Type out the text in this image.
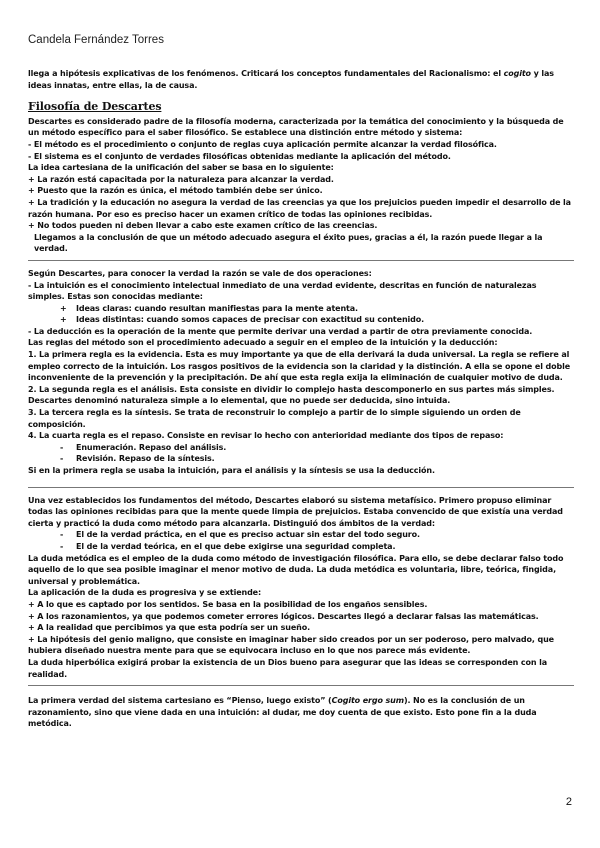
Candela Fernández Torres

llega a hipótesis explicativas de los fenómenos. Criticará los conceptos fundamentales del Racionalismo: el cogito y las ideas innatas, entre ellas, la de causa.

Filosofía de Descartes

Descartes es considerado padre de la filosofía moderna, caracterizada por la temática del conocimiento y la búsqueda de un método específico para el saber filosófico. Se establece una distinción entre método y sistema:

- El método es el procedimiento o conjunto de reglas cuya aplicación permite alcanzar la verdad filosófica.

- El sistema es el conjunto de verdades filosóficas obtenidas mediante la aplicación del método.

La idea cartesiana de la unificación del saber se basa en lo siguiente:

+ La razón está capacitada por la naturaleza para alcanzar la verdad.

+ Puesto que la razón es única, el método también debe ser único.

+ La tradición y la educación no asegura la verdad de las creencias ya que los prejuicios pueden impedir el desarrollo de la razón humana. Por eso es preciso hacer un examen crítico de todas las opiniones recibidas.

+ No todos pueden ni deben llevar a cabo este examen crítico de las creencias.

Llegamos a la conclusión de que un método adecuado asegura el éxito pues, gracias a él, la razón puede llegar a la verdad.

Según Descartes, para conocer la verdad la razón se vale de dos operaciones:

- La intuición es el conocimiento intelectual inmediato de una verdad evidente, descritas en función de naturalezas simples. Estas son conocidas mediante:

+ Ideas claras: cuando resultan manifiestas para la mente atenta.

+ Ideas distintas: cuando somos capaces de precisar con exactitud su contenido.

- La deducción es la operación de la mente que permite derivar una verdad a partir de otra previamente conocida.

Las reglas del método son el procedimiento adecuado a seguir en el empleo de la intuición y la deducción:

1. La primera regla es la evidencia. Esta es muy importante ya que de ella derivará la duda universal. La regla se refiere al empleo correcto de la intuición. Los rasgos positivos de la evidencia son la claridad y la distinción. A ella se opone el doble inconveniente de la prevención y la precipitación. De ahí que esta regla exija la eliminación de cualquier motivo de duda.

2. La segunda regla es el análisis. Esta consiste en dividir lo complejo hasta descomponerlo en sus partes más simples. Descartes denominó naturaleza simple a lo elemental, que no puede ser deducida, sino intuida.

3. La tercera regla es la síntesis. Se trata de reconstruir lo complejo a partir de lo simple siguiendo un orden de composición.

4. La cuarta regla es el repaso. Consiste en revisar lo hecho con anterioridad mediante dos tipos de repaso:

- Enumeración. Repaso del análisis.

- Revisión. Repaso de la síntesis.

Si en la primera regla se usaba la intuición, para el análisis y la síntesis se usa la deducción.

Una vez establecidos los fundamentos del método, Descartes elaboró su sistema metafísico. Primero propuso eliminar todas las opiniones recibidas para que la mente quede limpia de prejuicios. Estaba convencido de que existía una verdad cierta y practicó la duda como método para alcanzarla. Distinguió dos ámbitos de la verdad:

- El de la verdad práctica, en el que es preciso actuar sin estar del todo seguro.

- El de la verdad teórica, en el que debe exigirse una seguridad completa.

La duda metódica es el empleo de la duda como método de investigación filosófica. Para ello, se debe declarar falso todo aquello de lo que sea posible imaginar el menor motivo de duda. La duda metódica es voluntaria, libre, teórica, fingida, universal y problemática.

La aplicación de la duda es progresiva y se extiende:

+ A lo que es captado por los sentidos. Se basa en la posibilidad de los engaños sensibles.

+ A los razonamientos, ya que podemos cometer errores lógicos. Descartes llegó a declarar falsas las matemáticas.

+ A la realidad que percibimos ya que esta podría ser un sueño.

+ La hipótesis del genio maligno, que consiste en imaginar haber sido creados por un ser poderoso, pero malvado, que hubiera diseñado nuestra mente para que se equivocara incluso en lo que nos parece más evidente.

La duda hiperbólica exigirá probar la existencia de un Dios bueno para asegurar que las ideas se corresponden con la realidad.

La primera verdad del sistema cartesiano es “Pienso, luego existo” (Cogito ergo sum). No es la conclusión de un razonamiento, sino que viene dada en una intuición: al dudar, me doy cuenta de que existo. Esto pone fin a la duda metódica.

2
